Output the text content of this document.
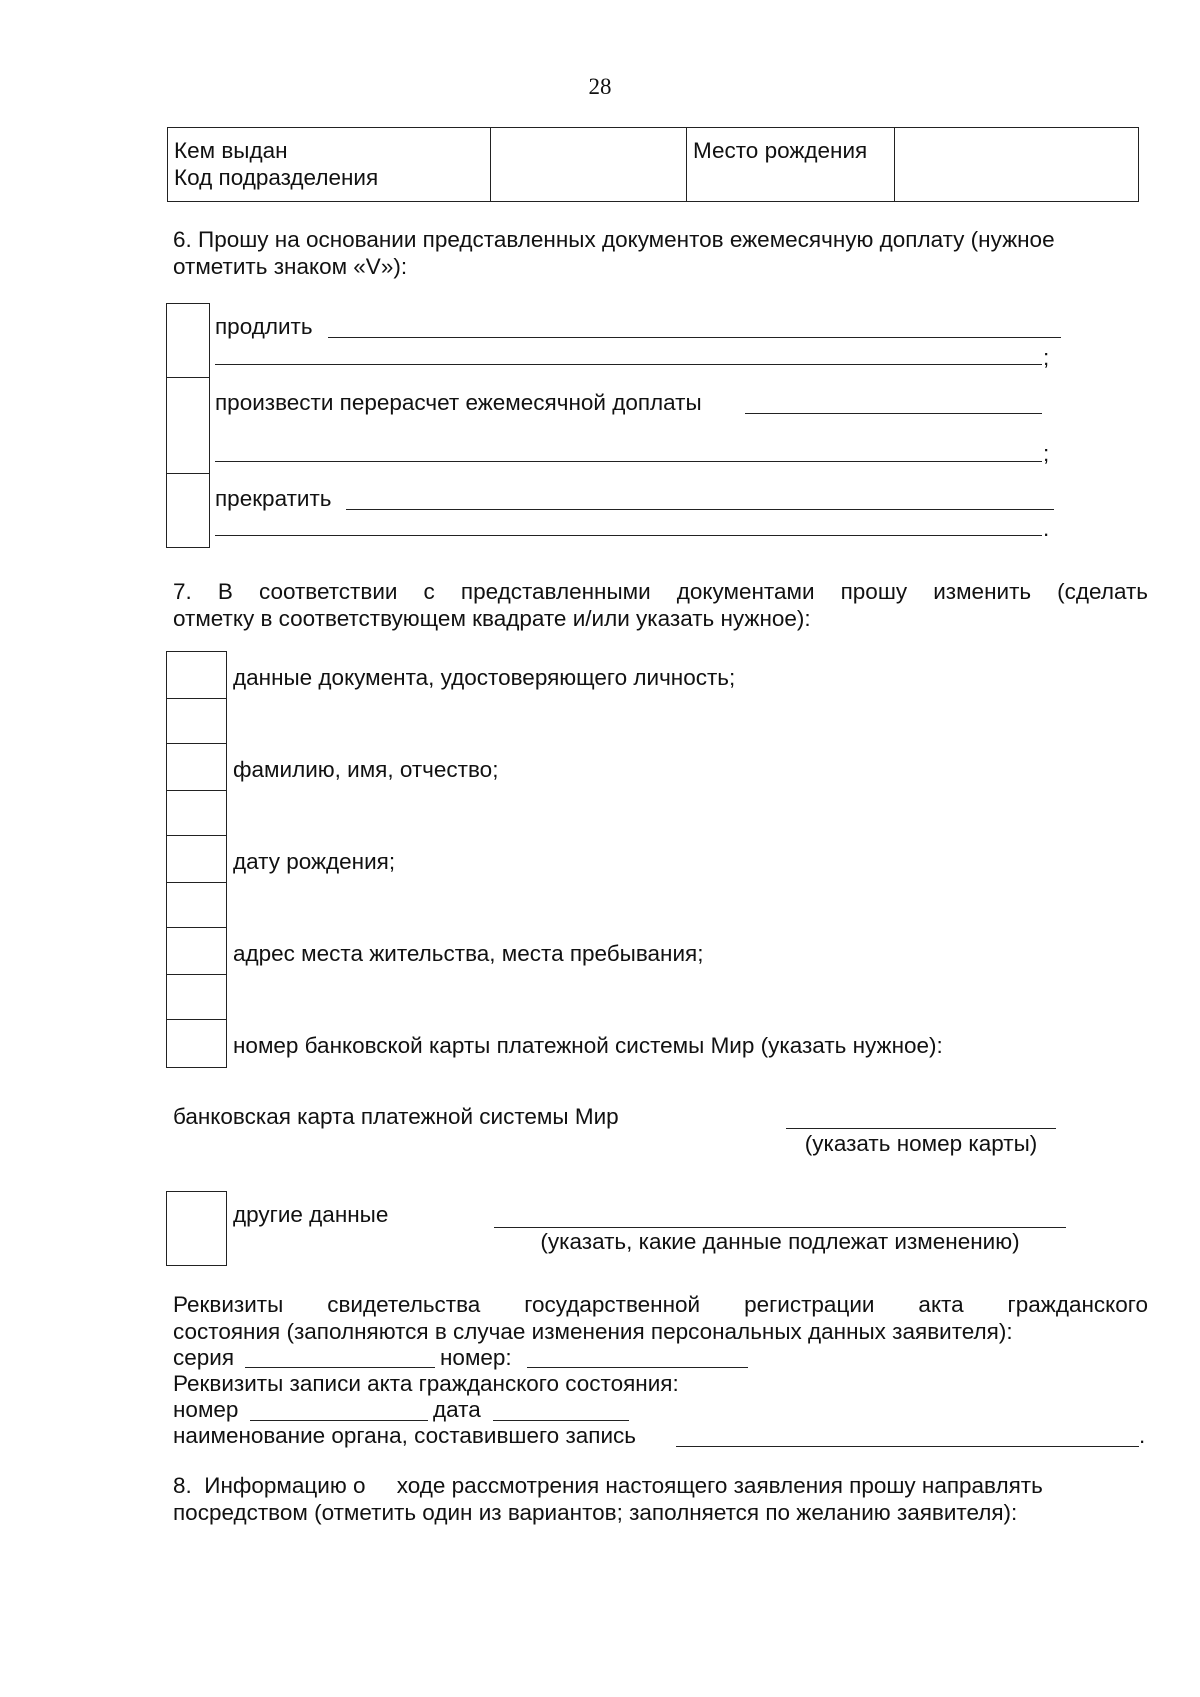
28
Кем выдан
Код подразделения
		Место рождения	
6. Прошу на основании представленных документов ежемесячную доплату (нужное
отметить знаком «V»):
продлить
;
произвести перерасчет ежемесячной доплаты
;
прекратить
.
7. В соответствии с представленными документами прошу изменить (сделать
отметку в соответствующем квадрате и/или указать нужное):
данные документа, удостоверяющего личность;
фамилию, имя, отчество;
дату рождения;
адрес места жительства, места пребывания;
номер банковской карты платежной системы Мир (указать нужное):
банковская карта платежной системы Мир
(указать номер карты)
другие данные
(указать, какие данные подлежат изменению)
Реквизиты свидетельства государственной регистрации акта гражданского
состояния (заполняются в случае изменения персональных данных заявителя):
серия	номер:
Реквизиты записи акта гражданского состояния:
номер	дата
наименование органа, составившего запись	.
8.  Информацию о     ходе рассмотрения настоящего заявления прошу направлять
посредством (отметить один из вариантов; заполняется по желанию заявителя):
